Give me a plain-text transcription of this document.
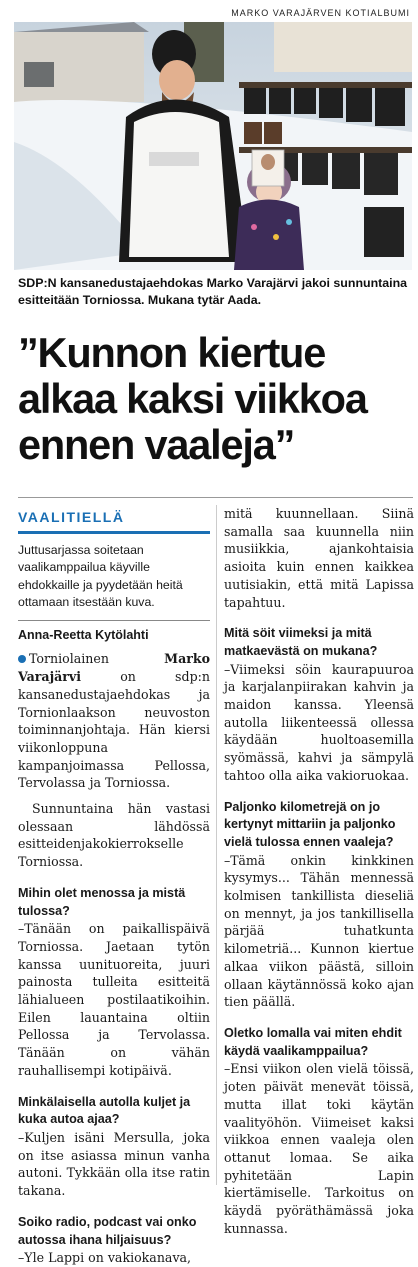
MARKO VARAJÄRVEN KOTIALBUMI
SDP:N kansanedustajaehdokas Marko Varajärvi jakoi sunnuntaina esitteitään Torniossa. Mukana tytär Aada.
”Kunnon kiertue
alkaa kaksi viikkoa
ennen vaaleja”
VAALITIELLÄ
Juttusarjassa soitetaan vaalikamppailua käyville ehdokkaille ja pyydetään heitä ottamaan itsestään kuva.
Anna-Reetta Kytölahti

Torniolainen Marko Varajärvi on sdp:n kansanedustajaehdokas ja Tornionlaakson neuvoston toiminnanjohtaja. Hän kiersi viikonloppuna kampanjoimassa Pellossa, Tervolassa ja Torniossa.

Sunnuntaina hän vastasi olessaan lähdössä esitteidenjakokierrokselle Torniossa.

Mihin olet menossa ja mistä tulossa?

–Tänään on paikallispäivä Torniossa. Jaetaan tytön kanssa uunituoreita, juuri painosta tulleita esitteitä lähialueen postilaatikoihin. Eilen lauantaina oltiin Pellossa ja Tervolassa. Tänään on vähän rauhallisempi kotipäivä.

Minkälaisella autolla kuljet ja kuka autoa ajaa?

–Kuljen isäni Mersulla, joka on itse asiassa minun vanha autoni. Tykkään olla itse ratin takana.

Soiko radio, podcast vai onko autossa ihana hiljaisuus?

–Yle Lappi on vakiokanava,

mitä kuunnellaan. Siinä samalla saa kuunnella niin musiikkia, ajankohtaisia asioita kuin ennen kaikkea uutisiakin, että mitä Lapissa tapahtuu.

Mitä söit viimeksi ja mitä matkaevästä on mukana?

–Viimeksi söin kaurapuuroa ja karjalanpiirakan kahvin ja maidon kanssa. Yleensä autolla liikenteessä ollessa käydään huoltoasemilla syömässä, kahvi ja sämpylä tahtoo olla aika vakioruokaa.

Paljonko kilometrejä on jo kertynyt mittariin ja paljonko vielä tulossa ennen vaaleja?

–Tämä onkin kinkkinen kysymys... Tähän mennessä kolmisen tankillista dieseliä on mennyt, ja jos tankillisella pärjää tuhatkunta kilometriä... Kunnon kiertue alkaa viikon päästä, silloin ollaan käytännössä koko ajan tien päällä.

Oletko lomalla vai miten ehdit käydä vaalikamppailua?

–Ensi viikon olen vielä töissä, joten päivät menevät töissä, mutta illat toki käytän vaalityöhön. Viimeiset kaksi viikkoa ennen vaaleja olen ottanut lomaa. Se aika pyhitetään Lapin kiertämiselle. Tarkoitus on käydä pyöräthämässä joka kunnassa.
